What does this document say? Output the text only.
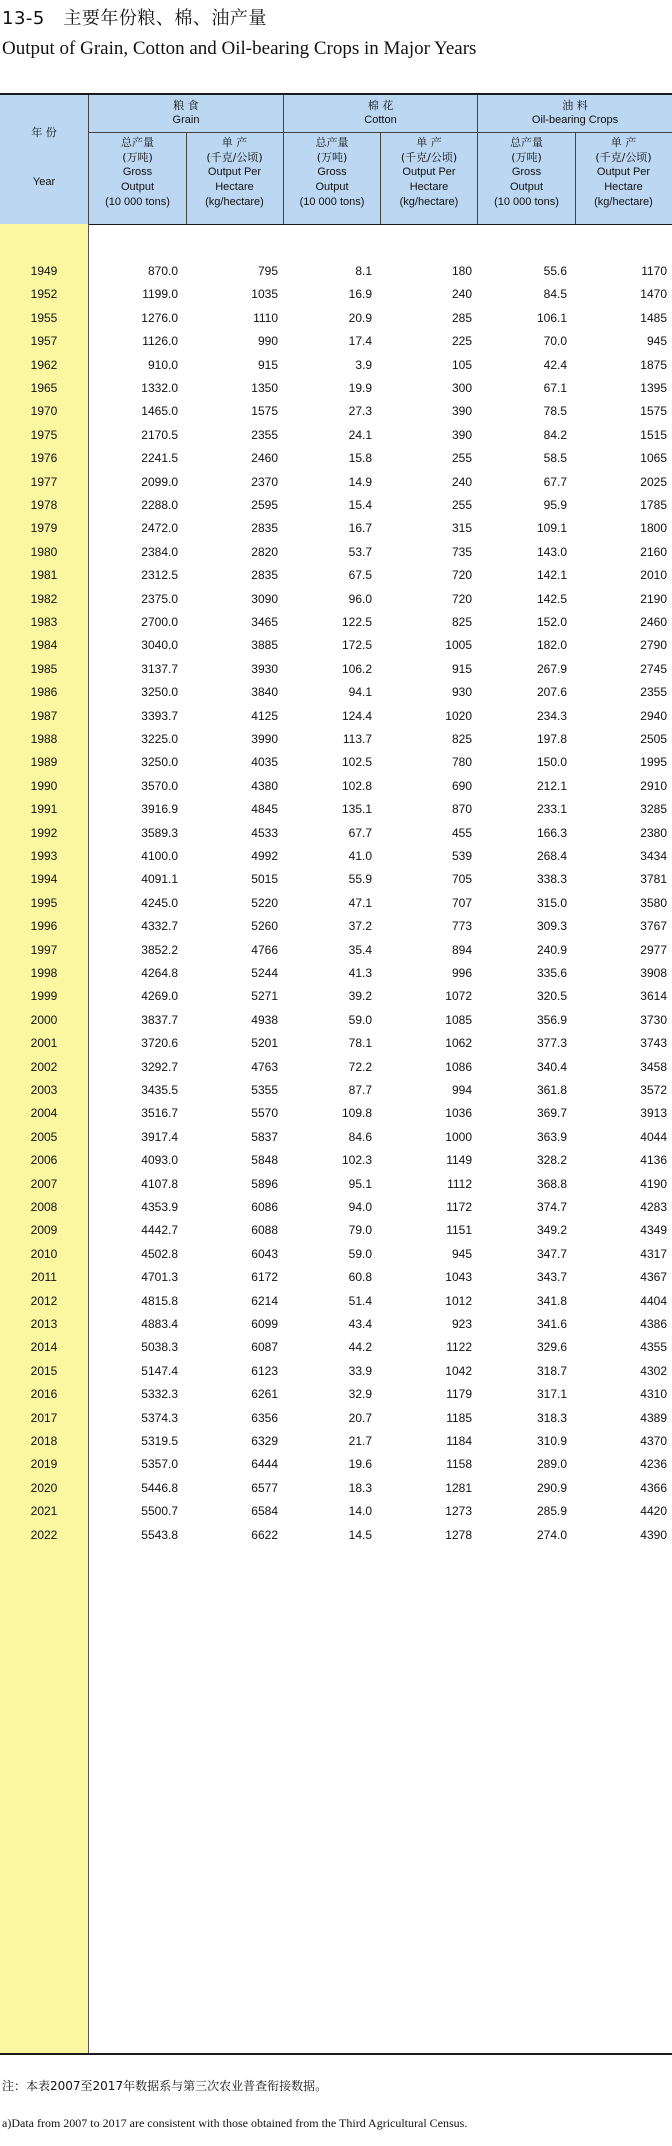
13-5　主要年份粮、棉、油产量
Output of Grain, Cotton and Oil-bearing Crops in Major Years
年 份
Year
粮 食
Grain
棉 花
Cotton
油 料
Oil-bearing Crops
总产量
(万吨)
Gross
Output
(10 000 tons)
单 产
(千克/公顷)
Output Per
Hectare
(kg/hectare)
总产量
(万吨)
Gross
Output
(10 000 tons)
单 产
(千克/公顷)
Output Per
Hectare
(kg/hectare)
总产量
(万吨)
Gross
Output
(10 000 tons)
单 产
(千克/公顷)
Output Per
Hectare
(kg/hectare)
1949	870.0	795	8.1	180	55.6	1170
1952	1199.0	1035	16.9	240	84.5	1470
1955	1276.0	1110	20.9	285	106.1	1485
1957	1126.0	990	17.4	225	70.0	945
1962	910.0	915	3.9	105	42.4	1875
1965	1332.0	1350	19.9	300	67.1	1395
1970	1465.0	1575	27.3	390	78.5	1575
1975	2170.5	2355	24.1	390	84.2	1515
1976	2241.5	2460	15.8	255	58.5	1065
1977	2099.0	2370	14.9	240	67.7	2025
1978	2288.0	2595	15.4	255	95.9	1785
1979	2472.0	2835	16.7	315	109.1	1800
1980	2384.0	2820	53.7	735	143.0	2160
1981	2312.5	2835	67.5	720	142.1	2010
1982	2375.0	3090	96.0	720	142.5	2190
1983	2700.0	3465	122.5	825	152.0	2460
1984	3040.0	3885	172.5	1005	182.0	2790
1985	3137.7	3930	106.2	915	267.9	2745
1986	3250.0	3840	94.1	930	207.6	2355
1987	3393.7	4125	124.4	1020	234.3	2940
1988	3225.0	3990	113.7	825	197.8	2505
1989	3250.0	4035	102.5	780	150.0	1995
1990	3570.0	4380	102.8	690	212.1	2910
1991	3916.9	4845	135.1	870	233.1	3285
1992	3589.3	4533	67.7	455	166.3	2380
1993	4100.0	4992	41.0	539	268.4	3434
1994	4091.1	5015	55.9	705	338.3	3781
1995	4245.0	5220	47.1	707	315.0	3580
1996	4332.7	5260	37.2	773	309.3	3767
1997	3852.2	4766	35.4	894	240.9	2977
1998	4264.8	5244	41.3	996	335.6	3908
1999	4269.0	5271	39.2	1072	320.5	3614
2000	3837.7	4938	59.0	1085	356.9	3730
2001	3720.6	5201	78.1	1062	377.3	3743
2002	3292.7	4763	72.2	1086	340.4	3458
2003	3435.5	5355	87.7	994	361.8	3572
2004	3516.7	5570	109.8	1036	369.7	3913
2005	3917.4	5837	84.6	1000	363.9	4044
2006	4093.0	5848	102.3	1149	328.2	4136
2007	4107.8	5896	95.1	1112	368.8	4190
2008	4353.9	6086	94.0	1172	374.7	4283
2009	4442.7	6088	79.0	1151	349.2	4349
2010	4502.8	6043	59.0	945	347.7	4317
2011	4701.3	6172	60.8	1043	343.7	4367
2012	4815.8	6214	51.4	1012	341.8	4404
2013	4883.4	6099	43.4	923	341.6	4386
2014	5038.3	6087	44.2	1122	329.6	4355
2015	5147.4	6123	33.9	1042	318.7	4302
2016	5332.3	6261	32.9	1179	317.1	4310
2017	5374.3	6356	20.7	1185	318.3	4389
2018	5319.5	6329	21.7	1184	310.9	4370
2019	5357.0	6444	19.6	1158	289.0	4236
2020	5446.8	6577	18.3	1281	290.9	4366
2021	5500.7	6584	14.0	1273	285.9	4420
2022	5543.8	6622	14.5	1278	274.0	4390
注：本表2007至2017年数据系与第三次农业普查衔接数据。
a)Data from 2007 to 2017 are consistent with those obtained from the Third Agricultural Census.
